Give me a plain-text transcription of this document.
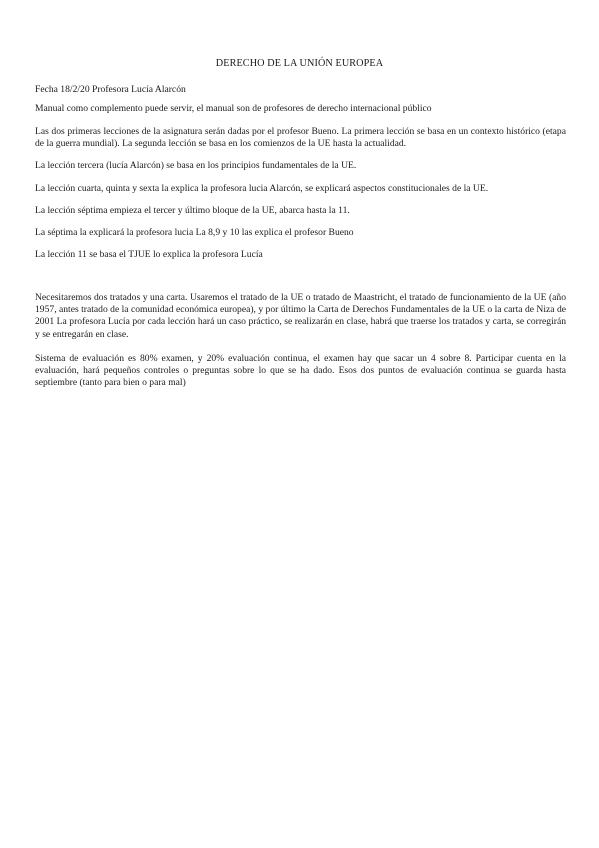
DERECHO DE LA UNIÓN EUROPEA

Fecha 18/2/20 Profesora Lucía Alarcón

Manual como complemento puede servir, el manual son de profesores de derecho internacional público

Las dos primeras lecciones de la asignatura serán dadas por el profesor Bueno. La primera lección se basa en un contexto histórico (etapa de la guerra mundial). La segunda lección se basa en los comienzos de la UE hasta la actualidad.

La lección tercera (lucía Alarcón) se basa en los principios fundamentales de la UE.

La lección cuarta, quinta y sexta la explica la profesora lucia Alarcón, se explicará aspectos constitucionales de la UE.

La lección séptima empieza el tercer y último bloque de la UE, abarca hasta la 11.

La séptima la explicará la profesora lucia La 8,9 y 10 las explica el profesor Bueno

La lección 11 se basa el TJUE lo explica la profesora Lucía

Necesitaremos dos tratados y una carta. Usaremos el tratado de la UE o tratado de Maastricht, el tratado de funcionamiento de la UE (año 1957, antes tratado de la comunidad económica europea), y por último la Carta de Derechos Fundamentales de la UE o la carta de Niza de 2001 La profesora Lucía por cada lección hará un caso práctico, se realizarán en clase, habrá que traerse los tratados y carta, se corregirán y se entregarán en clase.

Sistema de evaluación es 80% examen, y 20% evaluación continua, el examen hay que sacar un 4 sobre 8. Participar cuenta en la evaluación, hará pequeños controles o preguntas sobre lo que se ha dado. Esos dos puntos de evaluación continua se guarda hasta septiembre (tanto para bien o para mal)
